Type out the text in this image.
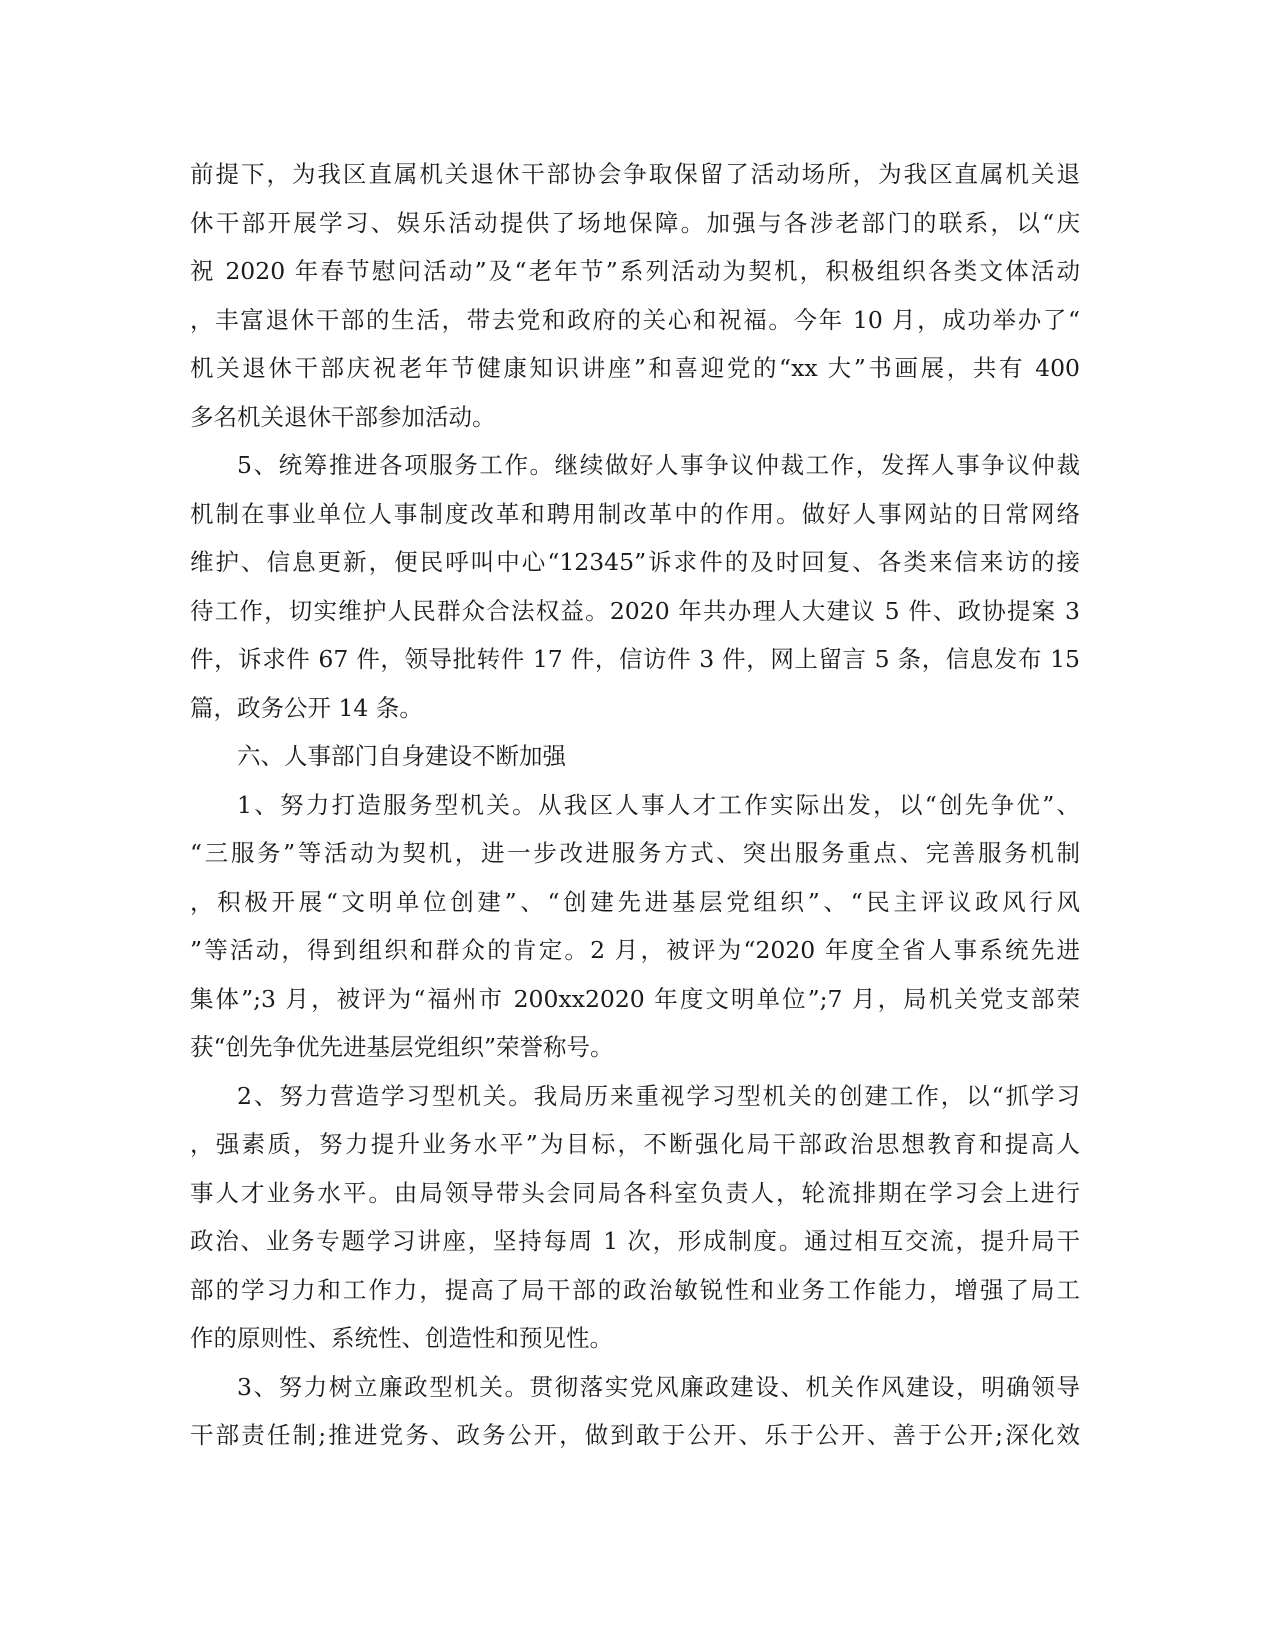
前提下，为我区直属机关退休干部协会争取保留了活动场所，为我区直属机关退
休干部开展学习、娱乐活动提供了场地保障。加强与各涉老部门的联系，以“庆
祝 2020 年春节慰问活动”及“老年节”系列活动为契机，积极组织各类文体活动
，丰富退休干部的生活，带去党和政府的关心和祝福。今年 10 月，成功举办了“
机关退休干部庆祝老年节健康知识讲座”和喜迎党的“xx 大”书画展，共有 400
多名机关退休干部参加活动。
5、统筹推进各项服务工作。继续做好人事争议仲裁工作，发挥人事争议仲裁
机制在事业单位人事制度改革和聘用制改革中的作用。做好人事网站的日常网络
维护、信息更新，便民呼叫中心“12345”诉求件的及时回复、各类来信来访的接
待工作，切实维护人民群众合法权益。2020 年共办理人大建议 5 件、政协提案 3
件，诉求件 67 件，领导批转件 17 件，信访件 3 件，网上留言 5 条，信息发布 15
篇，政务公开 14 条。
六、人事部门自身建设不断加强
1、努力打造服务型机关。从我区人事人才工作实际出发，以“创先争优”、
“三服务”等活动为契机，进一步改进服务方式、突出服务重点、完善服务机制
，积极开展“文明单位创建”、“创建先进基层党组织”、“民主评议政风行风
”等活动，得到组织和群众的肯定。2 月，被评为“2020 年度全省人事系统先进
集体”;3 月，被评为“福州市 200xx2020 年度文明单位”;7 月，局机关党支部荣
获“创先争优先进基层党组织”荣誉称号。
2、努力营造学习型机关。我局历来重视学习型机关的创建工作，以“抓学习
，强素质，努力提升业务水平”为目标，不断强化局干部政治思想教育和提高人
事人才业务水平。由局领导带头会同局各科室负责人，轮流排期在学习会上进行
政治、业务专题学习讲座，坚持每周 1 次，形成制度。通过相互交流，提升局干
部的学习力和工作力，提高了局干部的政治敏锐性和业务工作能力，增强了局工
作的原则性、系统性、创造性和预见性。
3、努力树立廉政型机关。贯彻落实党风廉政建设、机关作风建设，明确领导
干部责任制;推进党务、政务公开，做到敢于公开、乐于公开、善于公开;深化效
